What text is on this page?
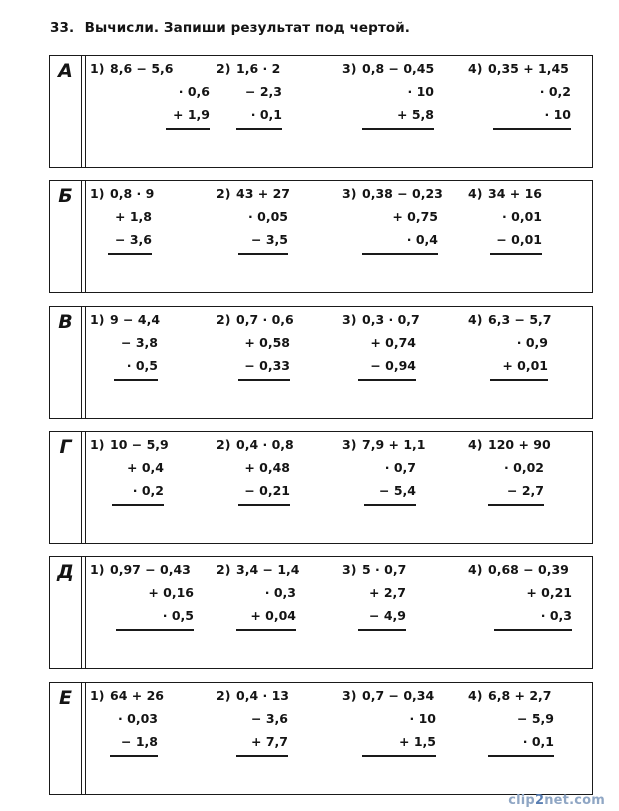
33. Вычисли. Запиши результат под чертой.
А	1) 8,6 − 5,6
· 0,6
+ 1,9
2) 1,6 · 2
− 2,3
· 0,1
3) 0,8 − 0,45
· 10
+ 5,8
4) 0,35 + 1,45
· 0,2
· 10
Б	1) 0,8 · 9
+ 1,8
− 3,6
2) 43 + 27
· 0,05
− 3,5
3) 0,38 − 0,23
+ 0,75
· 0,4
4) 34 + 16
· 0,01
− 0,01
В	1) 9 − 4,4
− 3,8
· 0,5
2) 0,7 · 0,6
+ 0,58
− 0,33
3) 0,3 · 0,7
+ 0,74
− 0,94
4) 6,3 − 5,7
· 0,9
+ 0,01
Г	1) 10 − 5,9
+ 0,4
· 0,2
2) 0,4 · 0,8
+ 0,48
− 0,21
3) 7,9 + 1,1
· 0,7
− 5,4
4) 120 + 90
· 0,02
− 2,7
Д	1) 0,97 − 0,43
+ 0,16
· 0,5
2) 3,4 − 1,4
· 0,3
+ 0,04
3) 5 · 0,7
+ 2,7
− 4,9
4) 0,68 − 0,39
+ 0,21
· 0,3
Е	1) 64 + 26
· 0,03
− 1,8
2) 0,4 · 13
− 3,6
+ 7,7
3) 0,7 − 0,34
· 10
+ 1,5
4) 6,8 + 2,7
− 5,9
· 0,1
clip2net.com
